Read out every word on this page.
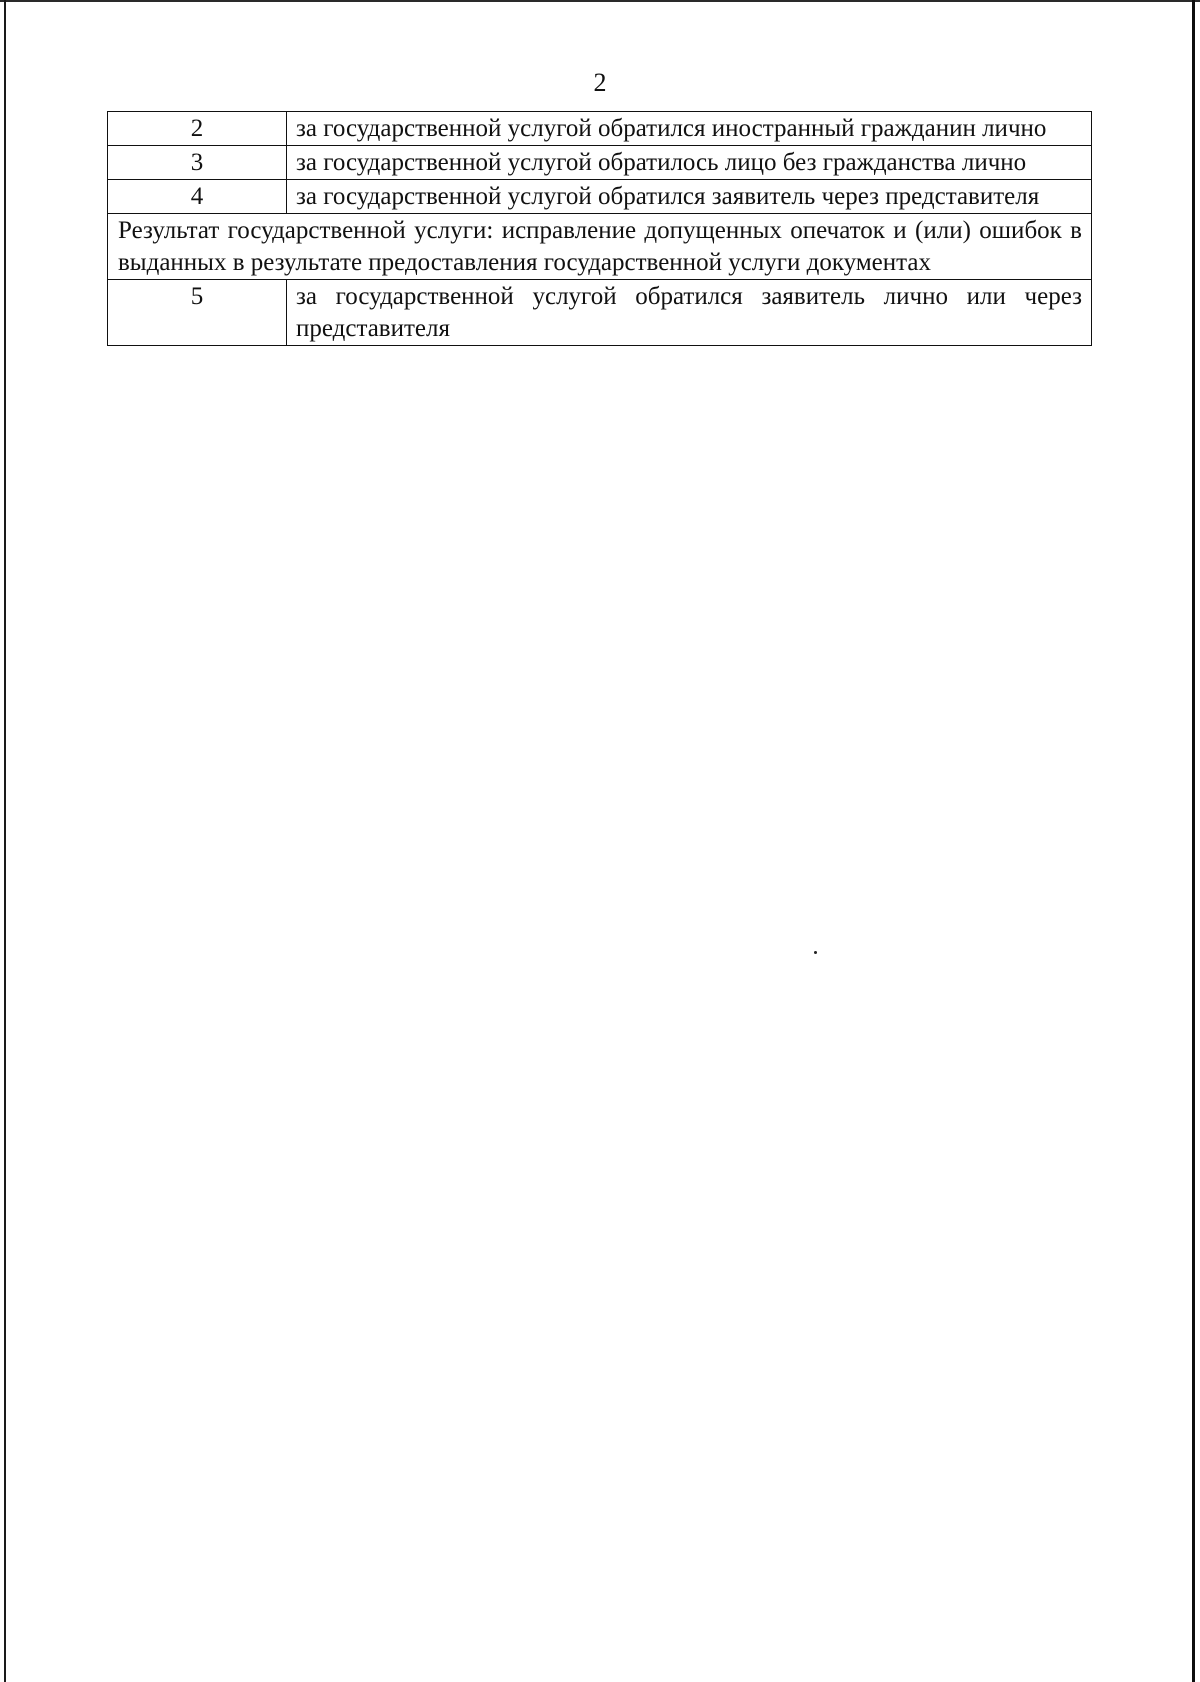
2
2	за государственной услугой обратился иностранный гражданин лично
3	за государственной услугой обратилось лицо без гражданства лично
4	за государственной услугой обратился заявитель через представителя
Результат государственной услуги: исправление допущенных опечаток и (или) ошибок в выданных в результате предоставления государственной услуги документах	
5	за государственной услугой обратился заявитель лично или через представителя
